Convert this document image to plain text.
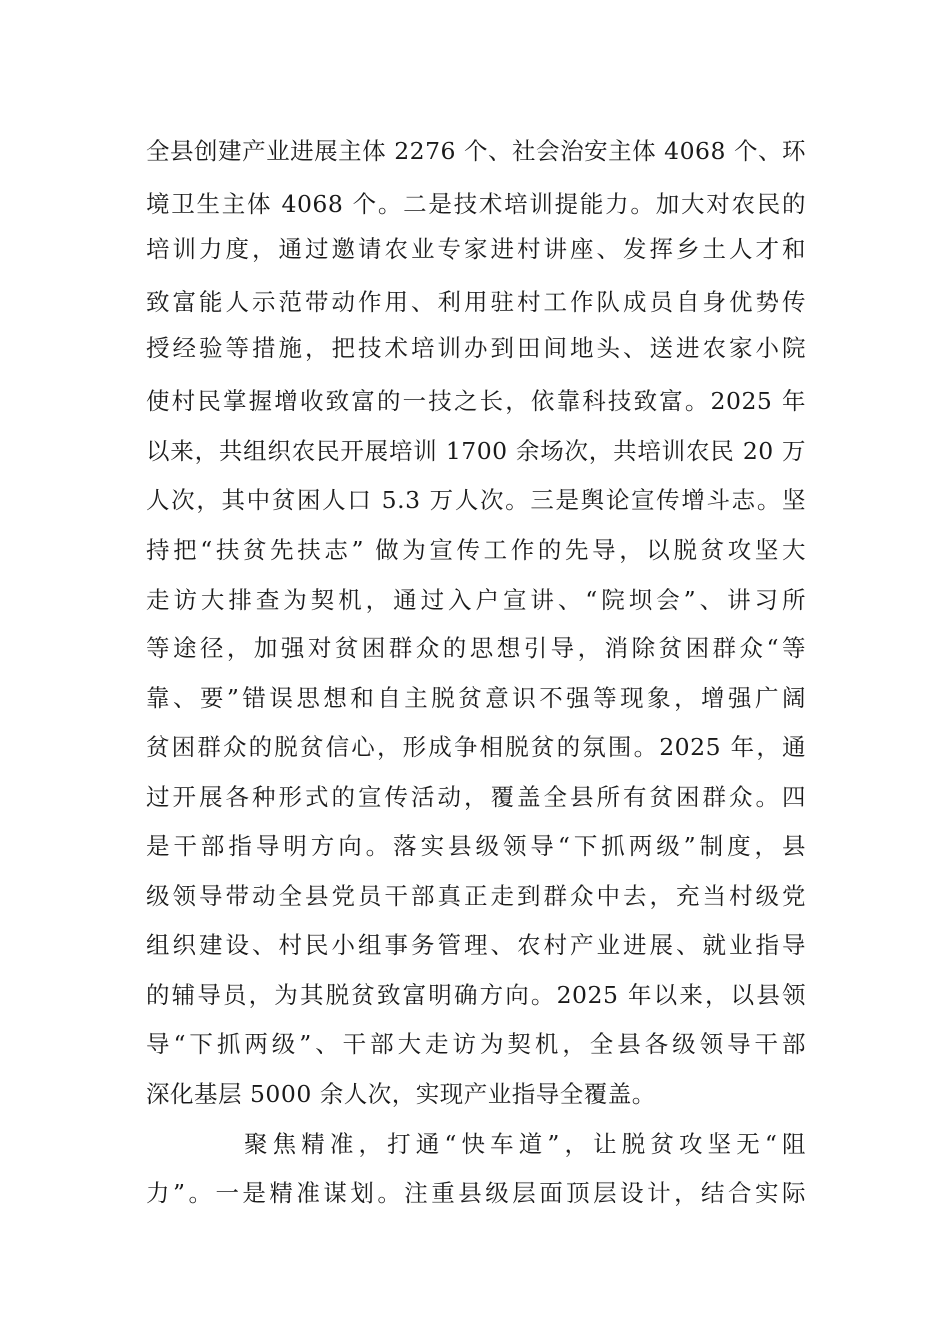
全县创建产业进展主体 2276 个、社会治安主体 4068 个、环
境卫生主体 4068 个。二是技术培训提能力。加大对农民的
培训力度，通过邀请农业专家进村讲座、发挥乡土人才和
致富能人示范带动作用、利用驻村工作队成员自身优势传
授经验等措施，把技术培训办到田间地头、送进农家小院
使村民掌握增收致富的一技之长，依靠科技致富。2025 年
以来，共组织农民开展培训 1700 余场次，共培训农民 20 万
人次，其中贫困人口 5.3 万人次。三是舆论宣传增斗志。坚
持把“扶贫先扶志” 做为宣传工作的先导，以脱贫攻坚大
走访大排查为契机，通过入户宣讲、“院坝会”、讲习所
等途径，加强对贫困群众的思想引导，消除贫困群众“等
靠、要”错误思想和自主脱贫意识不强等现象，增强广阔
贫困群众的脱贫信心，形成争相脱贫的氛围。2025 年，通
过开展各种形式的宣传活动，覆盖全县所有贫困群众。四
是干部指导明方向。落实县级领导“下抓两级”制度，县
级领导带动全县党员干部真正走到群众中去，充当村级党
组织建设、村民小组事务管理、农村产业进展、就业指导
的辅导员，为其脱贫致富明确方向。2025 年以来，以县领
导“下抓两级”、干部大走访为契机，全县各级领导干部
深化基层 5000 余人次，实现产业指导全覆盖。
聚焦精准，打通“快车道”，让脱贫攻坚无“阻
力”。一是精准谋划。注重县级层面顶层设计，结合实际
